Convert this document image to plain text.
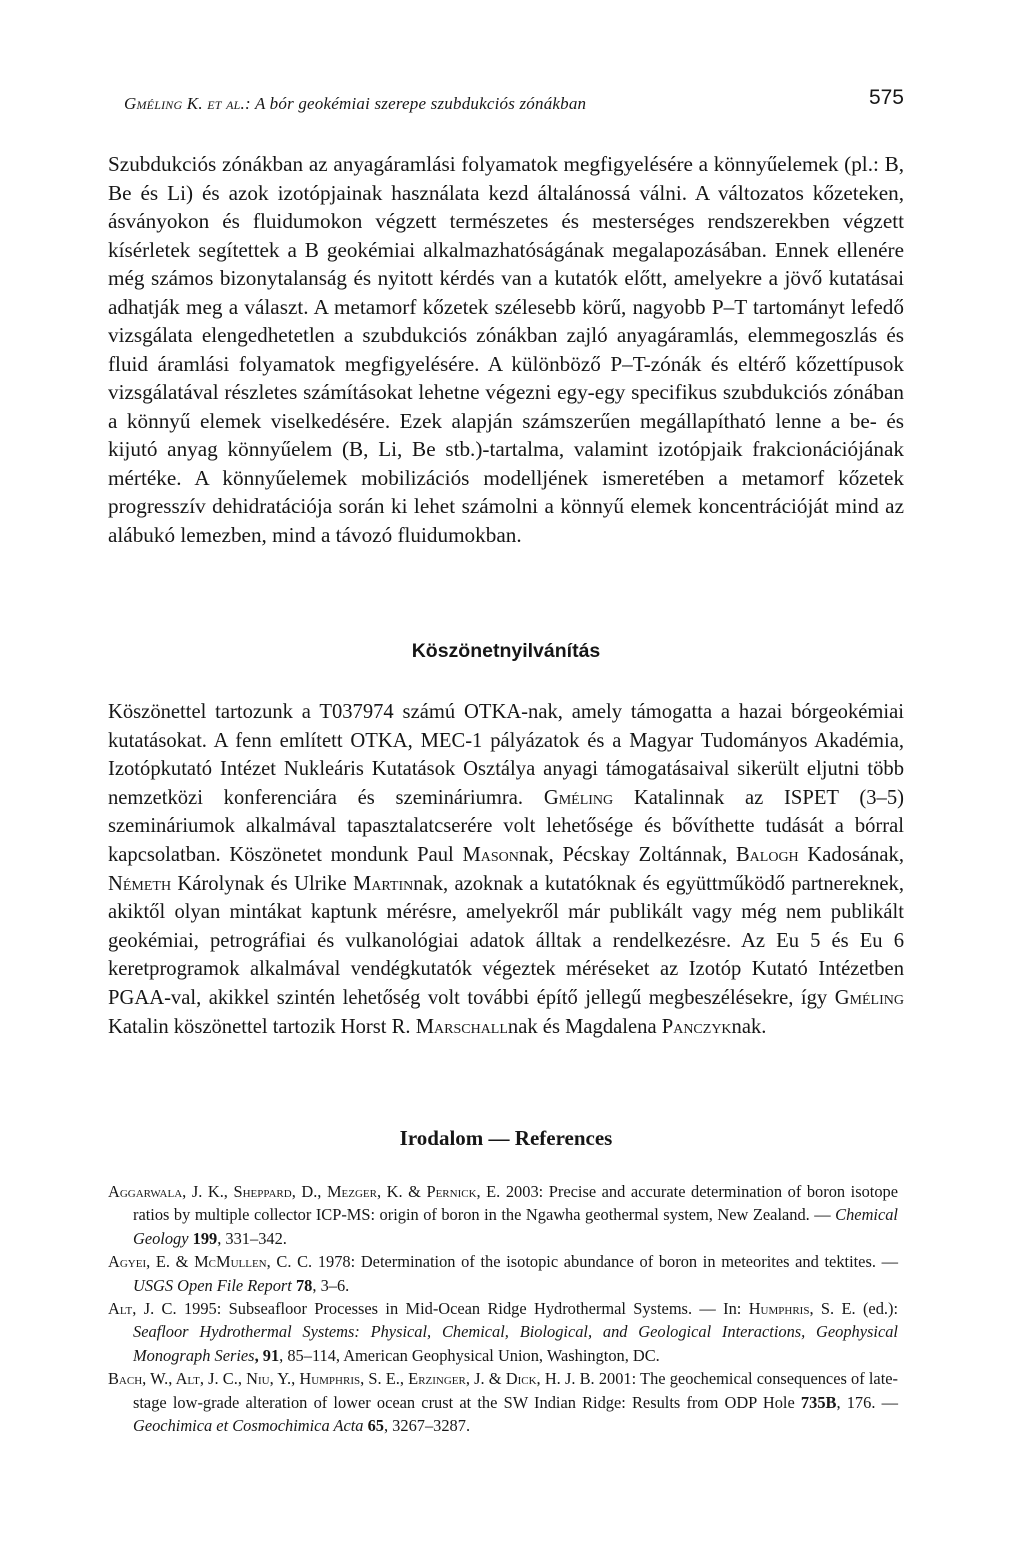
Gméling K. et al.: A bór geokémiai szerepe szubdukciós zónákban	575

Szubdukciós zónákban az anyagáramlási folyamatok megfigyelésére a könnyűelemek (pl.: B, Be és Li) és azok izotópjainak használata kezd általánossá válni. A változatos kőzeteken, ásványokon és fluidumokon végzett természetes és mesterséges rendszerekben végzett kísérletek segítettek a B geokémiai alkalmazhatóságának megalapozásában. Ennek ellenére még számos bizonytalanság és nyitott kérdés van a kutatók előtt, amelyekre a jövő kutatásai adhatják meg a választ. A metamorf kőzetek szélesebb körű, nagyobb P–T tartományt lefedő vizsgálata elengedhetetlen a szubdukciós zónákban zajló anyagáramlás, elemmegoszlás és fluid áramlási folyamatok megfigyelésére. A különböző P–T-zónák és eltérő kőzettípusok vizsgálatával részletes számításokat lehetne végezni egy-egy specifikus szubdukciós zónában a könnyű elemek viselkedésére. Ezek alapján számszerűen megállapítható lenne a be- és kijutó anyag könnyűelem (B, Li, Be stb.)-tartalma, valamint izotópjaik frakcionációjának mértéke. A könnyűelemek mobilizációs modelljének ismeretében a metamorf kőzetek progresszív dehidratációja során ki lehet számolni a könnyű elemek koncentrációját mind az alábukó lemezben, mind a távozó fluidumokban.

Köszönetnyilvánítás

Köszönettel tartozunk a T037974 számú OTKA-nak, amely támogatta a hazai bórgeokémiai kutatásokat. A fenn említett OTKA, MEC-1 pályázatok és a Magyar Tudományos Akadémia, Izotópkutató Intézet Nukleáris Kutatások Osztálya anyagi támogatásaival sikerült eljutni több nemzetközi konferenciára és szemináriumra. Gméling Katalinnak az ISPET (3–5) szemináriumok alkalmával tapasztalatcserére volt lehetősége és bővíthette tudását a bórral kapcsolatban. Köszönetet mondunk Paul Masonnak, Pécskay Zoltánnak, Balogh Kadosának, Németh Károlynak és Ulrike Martinnak, azoknak a kutatóknak és együttműködő partnereknek, akiktől olyan mintákat kaptunk mérésre, amelyekről már publikált vagy még nem publikált geokémiai, petrográfiai és vulkanológiai adatok álltak a rendelkezésre. Az Eu 5 és Eu 6 keretprogramok alkalmával vendégkutatók végeztek méréseket az Izotóp Kutató Intézetben PGAA-val, akikkel szintén lehetőség volt további építő jellegű megbeszélésekre, így Gméling Katalin köszönettel tartozik Horst R. Marschallnak és Magdalena Panczyknak.

Irodalom — References
Aggarwala, J. K., Sheppard, D., Mezger, K. & Pernick, E. 2003: Precise and accurate determination of boron isotope ratios by multiple collector ICP-MS: origin of boron in the Ngawha geothermal system, New Zealand. — Chemical Geology 199, 331–342.
Agyei, E. & McMullen, C. C. 1978: Determination of the isotopic abundance of boron in meteorites and tektites. — USGS Open File Report 78, 3–6.
Alt, J. C. 1995: Subseafloor Processes in Mid-Ocean Ridge Hydrothermal Systems. — In: Humphris, S. E. (ed.): Seafloor Hydrothermal Systems: Physical, Chemical, Biological, and Geological Interactions, Geophysical Monograph Series, 91, 85–114, American Geophysical Union, Washington, DC.
Bach, W., Alt, J. C., Niu, Y., Humphris, S. E., Erzinger, J. & Dick, H. J. B. 2001: The geochemical consequences of late-stage low-grade alteration of lower ocean crust at the SW Indian Ridge: Results from ODP Hole 735B, 176. — Geochimica et Cosmochimica Acta 65, 3267–3287.
